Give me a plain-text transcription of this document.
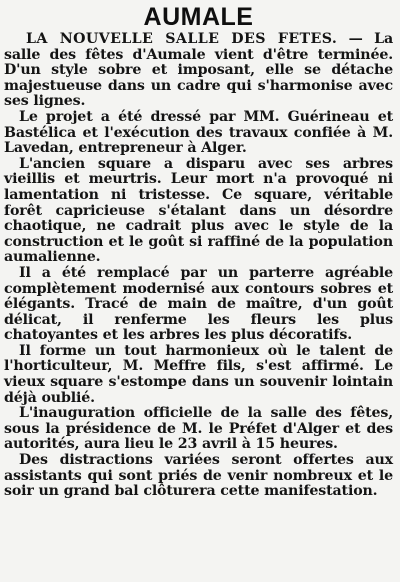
AUMALE

LA NOUVELLE SALLE DES FETES. — La salle des fêtes d'Aumale vient d'être terminée. D'un style sobre et imposant, elle se détache majestueuse dans un cadre qui s'harmonise avec ses lignes.

Le projet a été dressé par MM. Guérineau et Bastélica et l'exécution des travaux confiée à M. Lavedan, entrepreneur à Alger.

L'ancien square a disparu avec ses arbres vieillis et meurtris. Leur mort n'a provoqué ni lamentation ni tristesse. Ce square, véritable forêt capricieuse s'étalant dans un désordre chaotique, ne cadrait plus avec le style de la construction et le goût si raffiné de la population aumalienne.

Il a été remplacé par un parterre agréable complètement modernisé aux contours sobres et élégants. Tracé de main de maître, d'un goût délicat, il renferme les fleurs les plus chatoyantes et les arbres les plus décoratifs.

Il forme un tout harmonieux où le talent de l'horticulteur, M. Meffre fils, s'est affirmé. Le vieux square s'estompe dans un souvenir lointain déjà oublié.

L'inauguration officielle de la salle des fêtes, sous la présidence de M. le Préfet d'Alger et des autorités, aura lieu le 23 avril à 15 heures.

Des distractions variées seront offertes aux assistants qui sont priés de venir nombreux et le soir un grand bal clôturera cette manifestation.
